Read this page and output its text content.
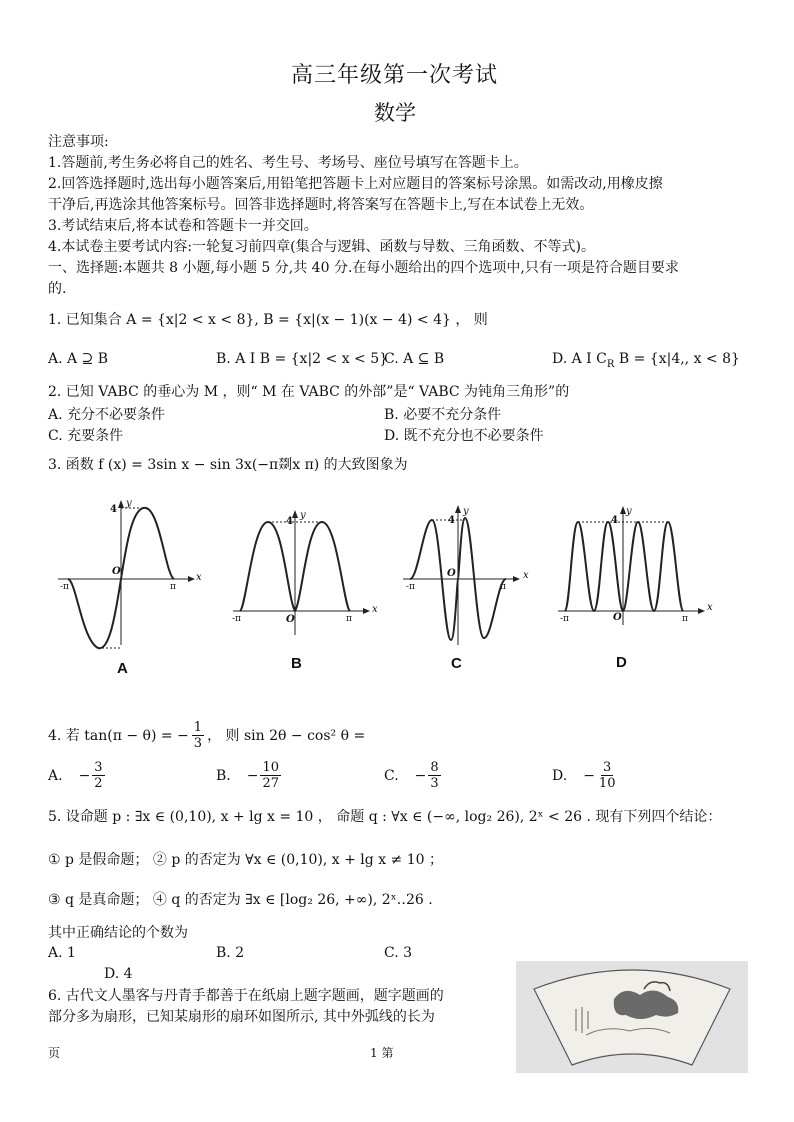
高三年级第一次考试
数学
注意事项:
1.答题前,考生务必将自己的姓名、考生号、考场号、座位号填写在答题卡上。
2.回答选择题时,选出每小题答案后,用铅笔把答题卡上对应题目的答案标号涂黑。如需改动,用橡皮擦
干净后,再选涂其他答案标号。回答非选择题时,将答案写在答题卡上,写在本试卷上无效。
3.考试结束后,将本试卷和答题卡一并交回。
4.本试卷主要考试内容:一轮复习前四章(集合与逻辑、函数与导数、三角函数、不等式)。
一、选择题:本题共 8 小题,每小题 5 分,共 40 分.在每小题给出的四个选项中,只有一项是符合题目要求
的.
1. 已知集合 A = {x|2 < x < 8}, B = {x|(x − 1)(x − 4) < 4} ， 则
A. A ⊇ B	B. A I B = {x|2 < x < 5}
C. A ⊆ B	D. A I $C_R$ B = {x|4,, x < 8}
2. 已知 VABC 的垂心为 M ，则“ M 在 VABC 的外部”是“ VABC 为钝角三角形”的
A. 充分不必要条件	B. 必要不充分条件
C. 充要条件	D. 既不充分也不必要条件
3. 函数 f (x) = 3sin x − sin 3x(−π剟x π) 的大致图象为
4
y
O
x
-π	π
A
4
y
O
x
-π	π
B
4
y
O	x
-π	π
C
4
y
O
x
-π	π
D
4. 若 tan(π − θ) = − $\frac{1}{3}$ ， 则 sin 2θ − cos² θ =
A. − $\frac{3}{2}$	B. − $\frac{10}{27}$	C. − $\frac{8}{3}$	D. − $\frac{3}{10}$
5. 设命题 p : ∃x ∈ (0,10), x + lg x = 10 ， 命题 q : ∀x ∈ (−∞, log₂ 26), 2ˣ < 26 . 现有下列四个结论：
① p 是假命题； ② p 的否定为 ∀x ∈ (0,10), x + lg x ≠ 10 ；
③ q 是真命题； ④ q 的否定为 ∃x ∈ [log₂ 26, +∞), 2ˣ‥26 .
其中正确结论的个数为
A. 1	B. 2	C. 3
D. 4
6. 古代文人墨客与丹青手都善于在纸扇上题字题画，题字题画的
部分多为扇形，已知某扇形的扇环如图所示, 其中外弧线的长为
页	1 第
